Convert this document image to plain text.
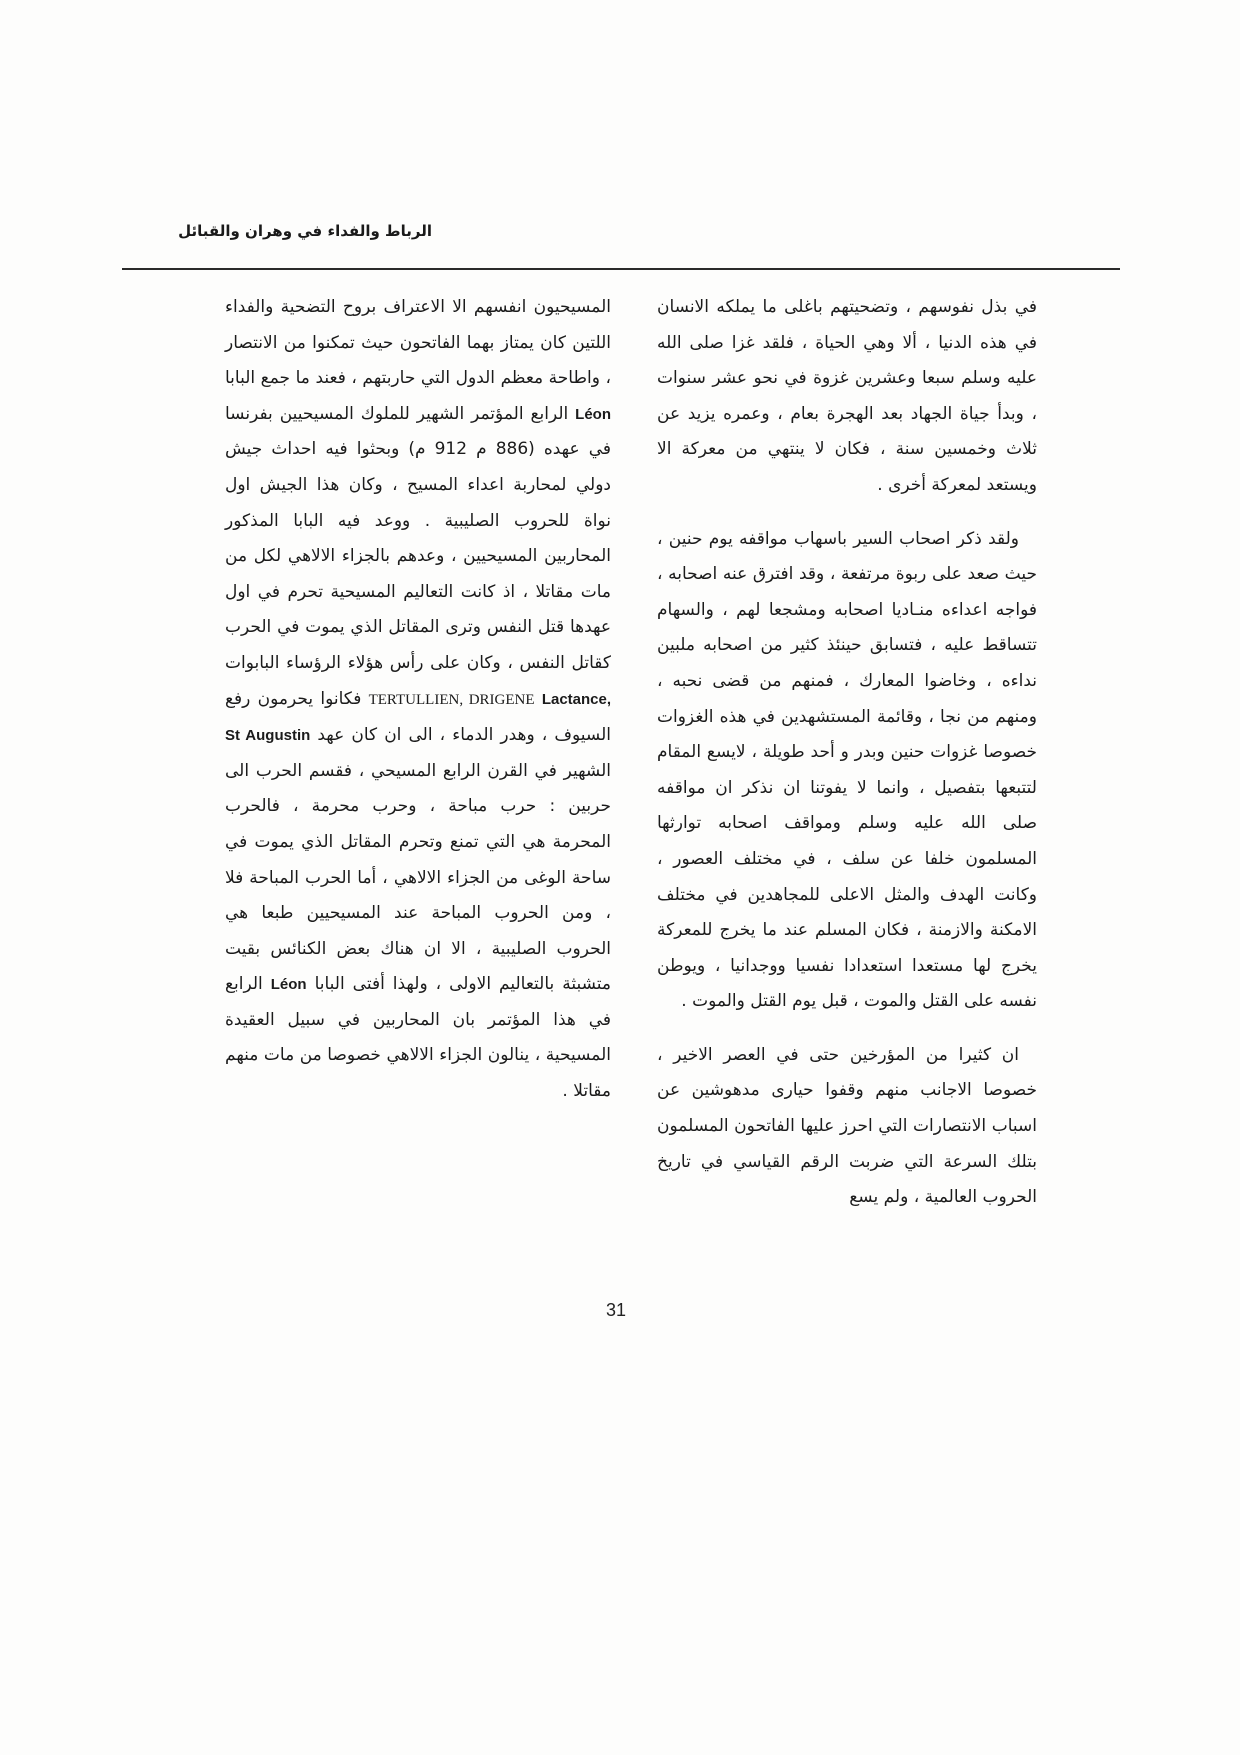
الرباط والفداء في وهران والقبائل

في بذل نفوسهم ، وتضحيتهم باغلى ما يملكه الانسان في هذه الدنيا ، ألا وهي الحياة ، فلقد غزا صلى الله عليه وسلم سبعا وعشرين غزوة في نحو عشر سنوات ، وبدأ جياة الجهاد بعد الهجرة بعام ، وعمره يزيد عن ثلاث وخمسين سنة ، فكان لا ينتهي من معركة الا ويستعد لمعركة أخرى .

ولقد ذكر اصحاب السير باسهاب مواقفه يوم حنين ، حيث صعد على ربوة مرتفعة ، وقد افترق عنه اصحابه ، فواجه اعداءه منـاديا اصحابه ومشجعا لهم ، والسهام تتساقط عليه ، فتسابق حينئذ كثير من اصحابه ملبين نداءه ، وخاضوا المعارك ، فمنهم من قضى نحبه ، ومنهم من نجا ، وقائمة المستشهدين في هذه الغزوات خصوصا غزوات حنين وبدر و أحد طويلة ، لايسع المقام لتتبعها بتفصيل ، وانما لا يفوتنا ان نذكر ان مواقفه صلى الله عليه وسلم ومواقف اصحابه توارثها المسلمون خلفا عن سلف ، في مختلف العصور ، وكانت الهدف والمثل الاعلى للمجاهدين في مختلف الامكنة والازمنة ، فكان المسلم عند ما يخرج للمعركة يخرج لها مستعدا استعدادا نفسيا ووجدانيا ، ويوطن نفسه على القتل والموت ، قبل يوم القتل والموت .

ان كثيرا من المؤرخين حتى في العصر الاخير ، خصوصا الاجانب منهم وقفوا حيارى مدهوشين عن اسباب الانتصارات التي احرز عليها الفاتحون المسلمون بتلك السرعة التي ضربت الرقم القياسي في تاريخ الحروب العالمية ، ولم يسع

المسيحيون انفسهم الا الاعتراف بروح التضحية والفداء اللتين كان يمتاز بهما الفاتحون حيث تمكنوا من الانتصار ، واطاحة معظم الدول التي حاربتهم ، فعند ما جمع البابا Léon الرابع المؤتمر الشهير للملوك المسيحيين بفرنسا في عهده (886 م 912 م) وبحثوا فيه احداث جيش دولي لمحاربة اعداء المسيح ، وكان هذا الجيش اول نواة للحروب الصليبية . ووعد فيه البابا المذكور المحاربين المسيحيين ، وعدهم بالجزاء الالاهي لكل من مات مقاتلا ، اذ كانت التعاليم المسيحية تحرم في اول عهدها قتل النفس وترى المقاتل الذي يموت في الحرب كقاتل النفس ، وكان على رأس هؤلاء الرؤساء البابوات Lactance, TERTULLIEN, DRIGENE فكانوا يحرمون رفع السيوف ، وهدر الدماء ، الى ان كان عهد St Augustin الشهير في القرن الرابع المسيحي ، فقسم الحرب الى حربين : حرب مباحة ، وحرب محرمة ، فالحرب المحرمة هي التي تمنع وتحرم المقاتل الذي يموت في ساحة الوغى من الجزاء الالاهي ، أما الحرب المباحة فلا ، ومن الحروب المباحة عند المسيحيين طبعا هي الحروب الصليبية ، الا ان هناك بعض الكنائس بقيت متشبثة بالتعاليم الاولى ، ولهذا أفتى البابا Léon الرابع في هذا المؤتمر بان المحاربين في سبيل العقيدة المسيحية ، ينالون الجزاء الالاهي خصوصا من مات منهم مقاتلا .

31
